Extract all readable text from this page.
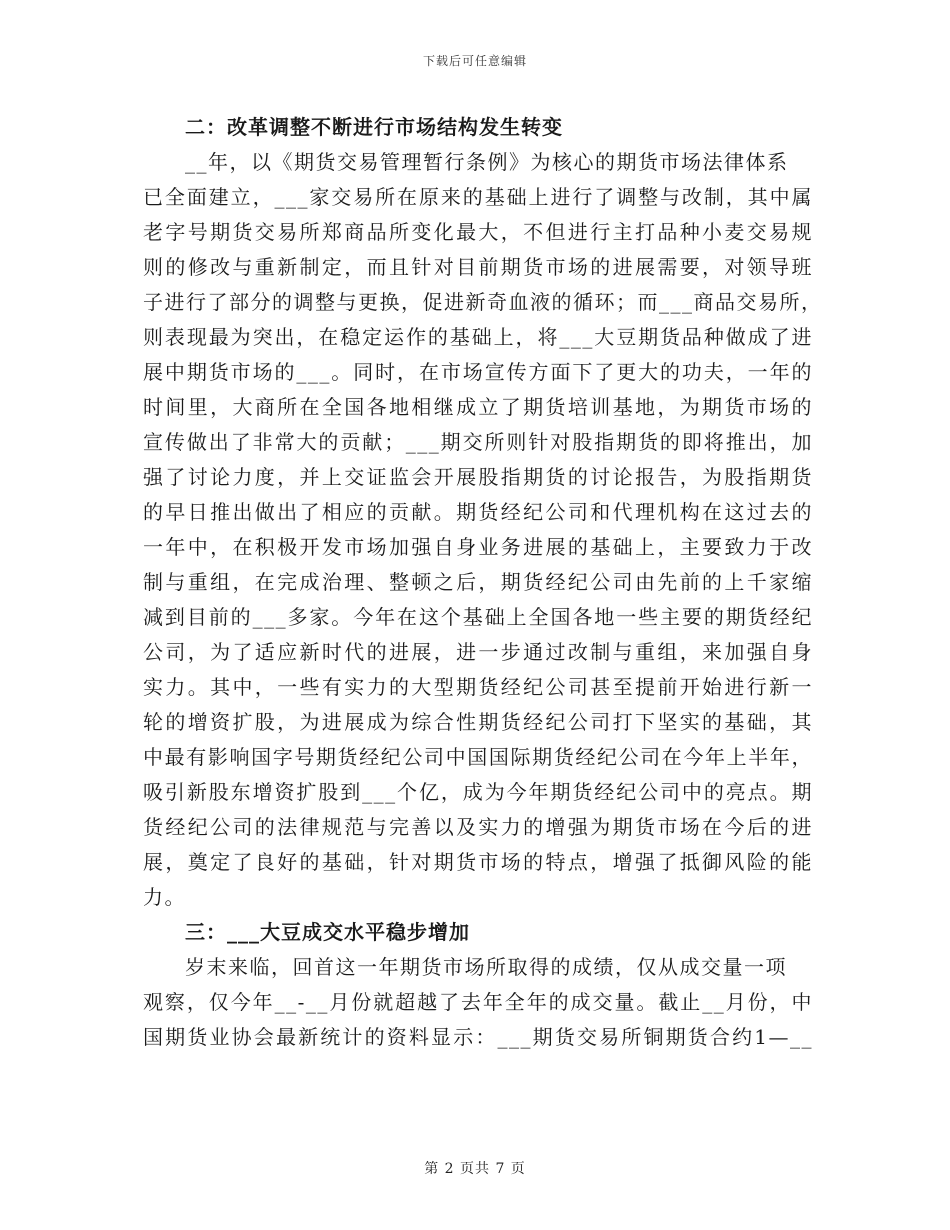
下载后可任意编辑
二：改革调整不断进行市场结构发生转变
__年，以《期货交易管理暂行条例》为核心的期货市场法律体系
已全面建立，___家交易所在原来的基础上进行了调整与改制，其中属
老字号期货交易所郑商品所变化最大，不但进行主打品种小麦交易规
则的修改与重新制定，而且针对目前期货市场的进展需要，对领导班
子进行了部分的调整与更换，促进新奇血液的循环；而___商品交易所，
则表现最为突出，在稳定运作的基础上，将___大豆期货品种做成了进
展中期货市场的___。同时，在市场宣传方面下了更大的功夫，一年的
时间里，大商所在全国各地相继成立了期货培训基地，为期货市场的
宣传做出了非常大的贡献；___期交所则针对股指期货的即将推出，加
强了讨论力度，并上交证监会开展股指期货的讨论报告，为股指期货
的早日推出做出了相应的贡献。期货经纪公司和代理机构在这过去的
一年中，在积极开发市场加强自身业务进展的基础上，主要致力于改
制与重组，在完成治理、整顿之后，期货经纪公司由先前的上千家缩
减到目前的___多家。今年在这个基础上全国各地一些主要的期货经纪
公司，为了适应新时代的进展，进一步通过改制与重组，来加强自身
实力。其中，一些有实力的大型期货经纪公司甚至提前开始进行新一
轮的增资扩股，为进展成为综合性期货经纪公司打下坚实的基础，其
中最有影响国字号期货经纪公司中国国际期货经纪公司在今年上半年，
吸引新股东增资扩股到___个亿，成为今年期货经纪公司中的亮点。期
货经纪公司的法律规范与完善以及实力的增强为期货市场在今后的进
展，奠定了良好的基础，针对期货市场的特点，增强了抵御风险的能
力。
三：___大豆成交水平稳步增加
岁末来临，回首这一年期货市场所取得的成绩，仅从成交量一项
观察，仅今年__-__月份就超越了去年全年的成交量。截止__月份，中
国期货业协会最新统计的资料显示：___期货交易所铜期货合约1—__
第 2 页共 7 页
